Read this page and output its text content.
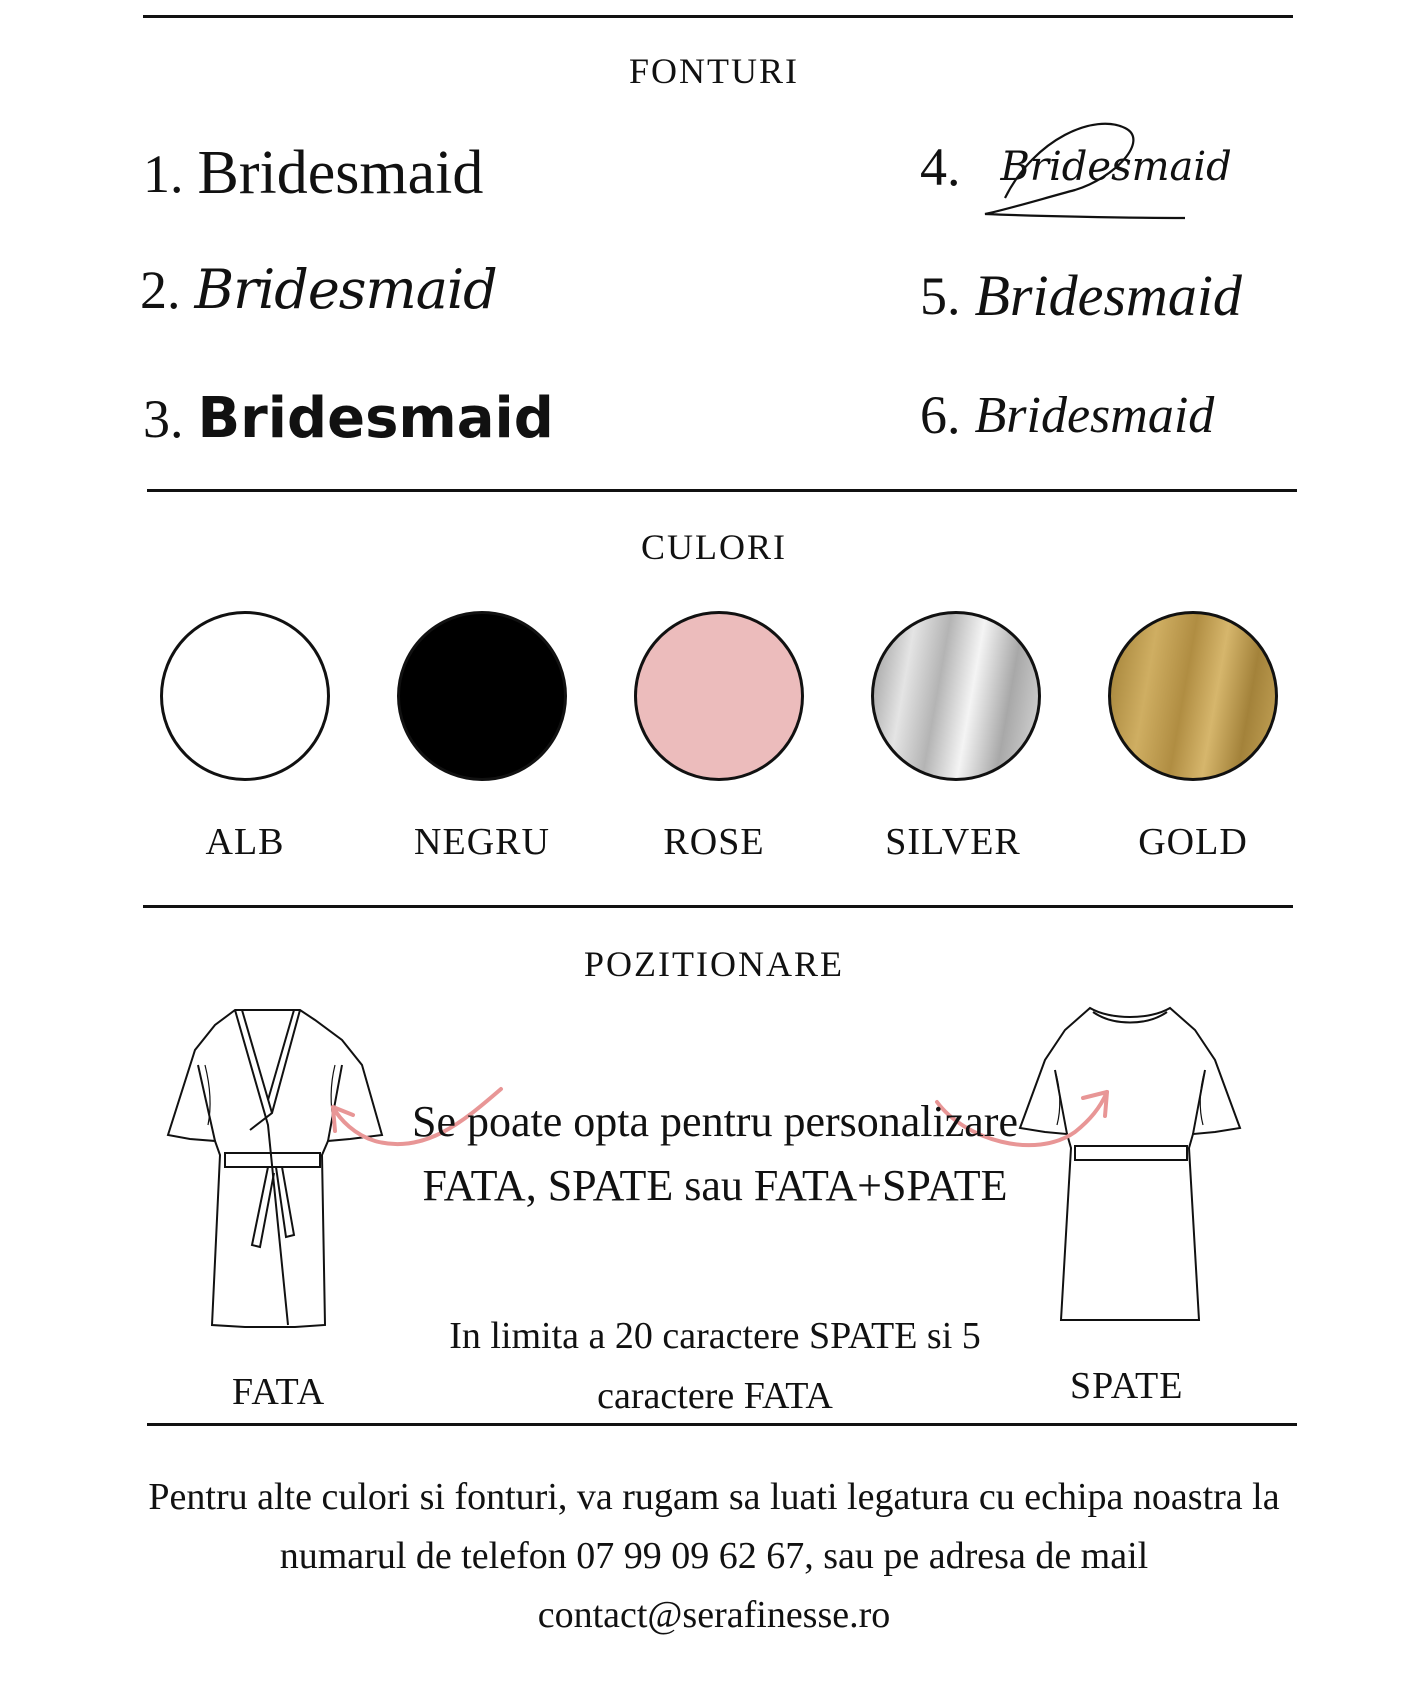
FONTURI
1. Bridesmaid
2. Bridesmaid
3. Bridesmaid
4. Bridesmaid
5. Bridesmaid
6. Bridesmaid
CULORI
ALB	NEGRU	ROSE	SILVER	GOLD
POZITIONARE
Se poate opta pentru personalizare FATA, SPATE sau FATA+SPATE
In limita a 20 caractere SPATE si 5 caractere FATA
FATA	SPATE
Pentru alte culori si fonturi, va rugam sa luati legatura cu echipa noastra la numarul de telefon 07 99 09 62 67, sau pe adresa de mail contact@serafinesse.ro
